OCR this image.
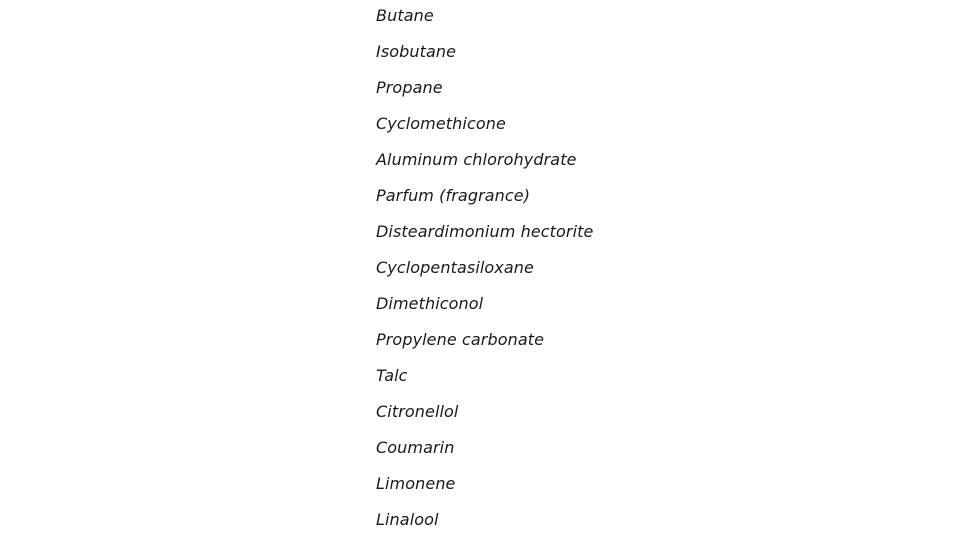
Butane
Isobutane
Propane
Cyclomethicone
Aluminum chlorohydrate
Parfum (fragrance)
Disteardimonium hectorite
Cyclopentasiloxane
Dimethiconol
Propylene carbonate
Talc
Citronellol
Coumarin
Limonene
Linalool
